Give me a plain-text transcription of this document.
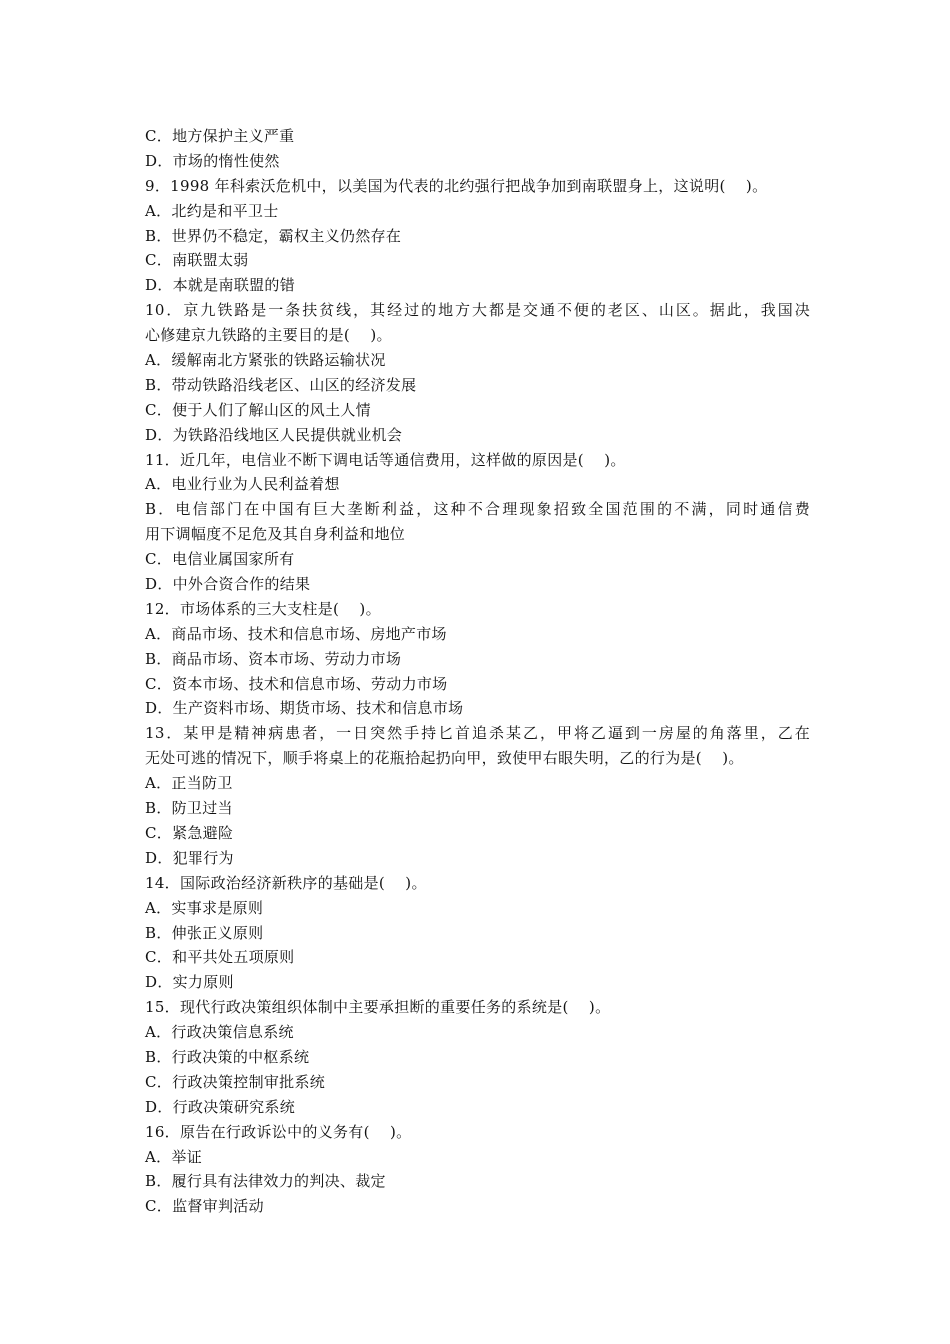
C．地方保护主义严重
D．市场的惰性使然
9．1998 年科索沃危机中，以美国为代表的北约强行把战争加到南联盟身上，这说明(    )。
A．北约是和平卫士
B．世界仍不稳定，霸权主义仍然存在
C．南联盟太弱
D．本就是南联盟的错
10．京九铁路是一条扶贫线，其经过的地方大都是交通不便的老区、山区。据此，我国决
心修建京九铁路的主要目的是(    )。
A．缓解南北方紧张的铁路运输状况
B．带动铁路沿线老区、山区的经济发展
C．便于人们了解山区的风土人情
D．为铁路沿线地区人民提供就业机会
11．近几年，电信业不断下调电话等通信费用，这样做的原因是(    )。
A．电业行业为人民利益着想
B．电信部门在中国有巨大垄断利益，这种不合理现象招致全国范围的不满，同时通信费
用下调幅度不足危及其自身利益和地位
C．电信业属国家所有
D．中外合资合作的结果
12．市场体系的三大支柱是(    )。
A．商品市场、技术和信息市场、房地产市场
B．商品市场、资本市场、劳动力市场
C．资本市场、技术和信息市场、劳动力市场
D．生产资料市场、期货市场、技术和信息市场
13．某甲是精神病患者，一日突然手持匕首追杀某乙，甲将乙逼到一房屋的角落里，乙在
无处可逃的情况下，顺手将桌上的花瓶拾起扔向甲，致使甲右眼失明，乙的行为是(    )。
A．正当防卫
B．防卫过当
C．紧急避险
D．犯罪行为
14．国际政治经济新秩序的基础是(    )。
A．实事求是原则
B．伸张正义原则
C．和平共处五项原则
D．实力原则
15．现代行政决策组织体制中主要承担断的重要任务的系统是(    )。
A．行政决策信息系统
B．行政决策的中枢系统
C．行政决策控制审批系统
D．行政决策研究系统
16．原告在行政诉讼中的义务有(    )。
A．举证
B．履行具有法律效力的判决、裁定
C．监督审判活动
